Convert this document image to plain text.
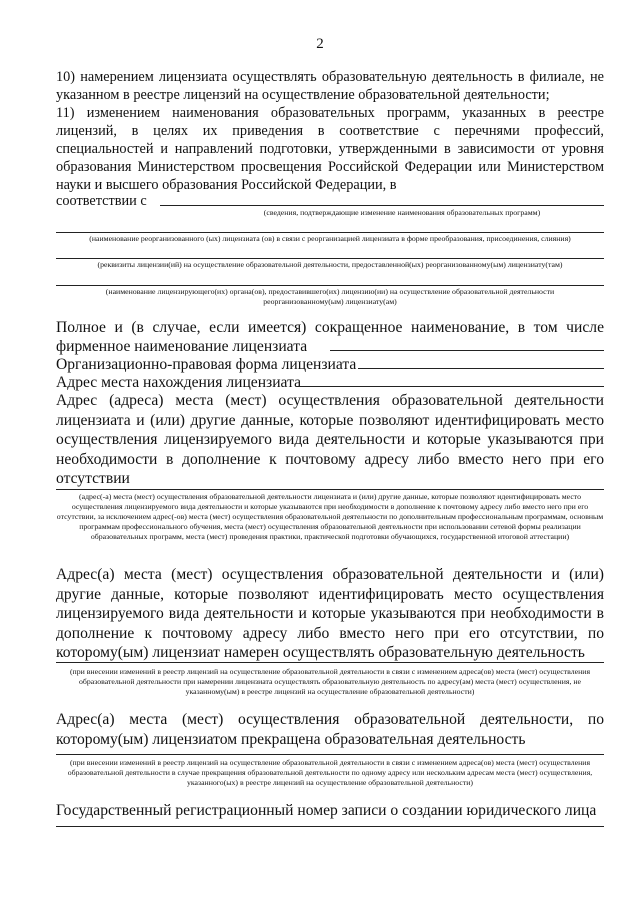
2
10) намерением лицензиата осуществлять образовательную деятельность в филиале, не указанном в реестре лицензий на осуществление образовательной деятельности;
11) изменением наименования образовательных программ, указанных в реестре лицензий, в целях их приведения в соответствие с перечнями профессий, специальностей и направлений подготовки, утвержденными в зависимости от уровня образования Министерством просвещения Российской Федерации или Министерством науки и высшего образования Российской Федерации, в
соответствии с
(сведения, подтверждающие изменение наименования образовательных программ)
(наименование реорганизованного (ых) лицензиата (ов) в связи с реорганизацией лицензиата в форме преобразования, присоединения, слияния)
(реквизиты лицензии(ий) на осуществление образовательной деятельности, предоставленной(ых) реорганизованному(ым) лицензиату(там)
(наименование лицензирующего(их) органа(ов), предоставившего(их) лицензию(ии) на осуществление образовательной деятельности реорганизованному(ым) лицензиату(ам)
Полное и (в случае, если имеется) сокращенное наименование, в том числе
фирменное наименование лицензиата
Организационно-правовая форма лицензиата
Адрес места нахождения лицензиата
Адрес (адреса) места (мест) осуществления образовательной деятельности лицензиата и (или) другие данные, которые позволяют идентифицировать место осуществления лицензируемого вида деятельности и которые указываются при необходимости в дополнение к почтовому адресу либо вместо него при его отсутствии
(адрес(-а) места (мест) осуществления образовательной деятельности лицензиата и (или) другие данные, которые позволяют идентифицировать место осуществления лицензируемого вида деятельности и которые указываются при необходимости в дополнение к почтовому адресу либо вместо него при его отсутствии, за исключением адрес(-ов) места (мест) осуществления образовательной деятельности по дополнительным профессиональным программам, основным программам профессионального обучения, места (мест) осуществления образовательной деятельности при использовании сетевой формы реализации образовательных программ, места (мест) проведения практики, практической подготовки обучающихся, государственной итоговой аттестации)
Адрес(а) места (мест) осуществления образовательной деятельности и (или) другие данные, которые позволяют идентифицировать место осуществления лицензируемого вида деятельности и которые указываются при необходимости в дополнение к почтовому адресу либо вместо него при его отсутствии, по которому(ым) лицензиат намерен осуществлять образовательную деятельность
(при внесении изменений в реестр лицензий на осуществление образовательной деятельности в связи с изменением адреса(ов) места (мест) осуществления образовательной деятельности при намерении лицензиата осуществлять образовательную деятельность по адресу(ам) места (мест) осуществления, не указанному(ым) в реестре лицензий на осуществление образовательной деятельности)
Адрес(а) места (мест) осуществления образовательной деятельности, по которому(ым) лицензиатом прекращена образовательная деятельность
(при внесении изменений в реестр лицензий на осуществление образовательной деятельности в связи с изменением адреса(ов) места (мест) осуществления образовательной деятельности в случае прекращения образовательной деятельности по одному адресу или нескольким адресам места (мест) осуществления, указанного(ых) в реестре лицензий на осуществление образовательной деятельности)
Государственный регистрационный номер записи о создании юридического лица
